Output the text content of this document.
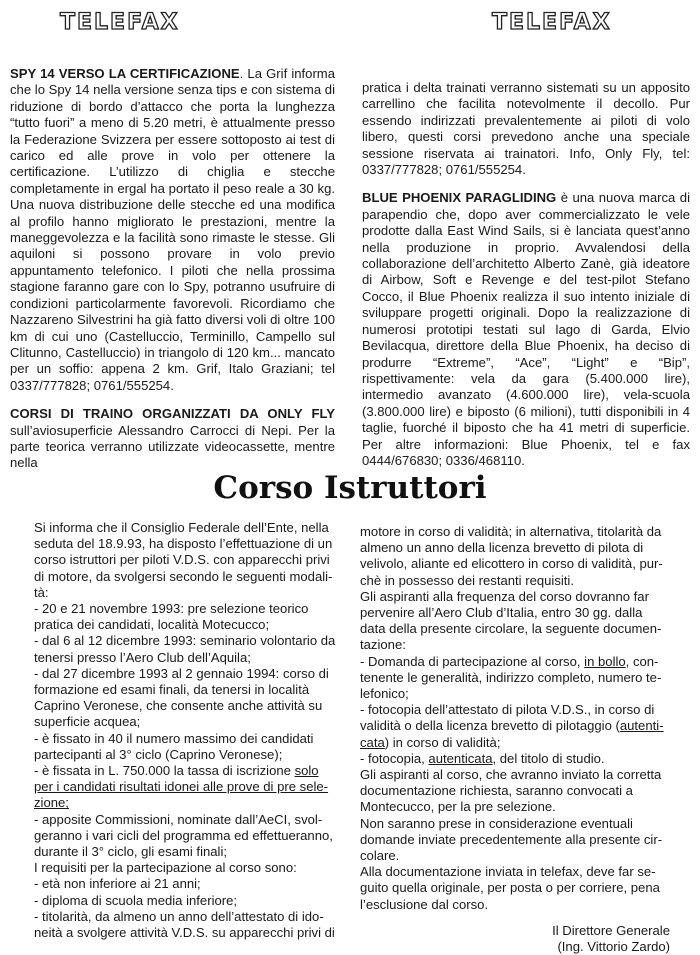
TELEFAX	TELEFAX

SPY 14 VERSO LA CERTIFICAZIONE. La Grif informa che lo Spy 14 nella versione senza tips e con sistema di riduzione di bordo d’attacco che porta la lunghezza “tutto fuori” a meno di 5.20 metri, è attualmente presso la Federazione Svizzera per essere sottoposto ai test di carico ed alle prove in volo per ottenere la certificazione. L’utilizzo di chiglia e stecche completamente in ergal ha portato il peso reale a 30 kg. Una nuova distribuzione delle stecche ed una modifica al profilo hanno migliorato le prestazioni, mentre la maneggevolezza e la facilità sono rimaste le stesse. Gli aquiloni si possono provare in volo previo appuntamento telefonico. I piloti che nella prossima stagione faranno gare con lo Spy, potranno usufruire di condizioni particolarmente favorevoli. Ricordiamo che Nazzareno Silvestrini ha già fatto diversi voli di oltre 100 km di cui uno (Castelluccio, Terminillo, Campello sul Clitunno, Castelluccio) in triangolo di 120 km... mancato per un soffio: appena 2 km. Grif, Italo Graziani; tel 0337/777828; 0761/555254.

CORSI DI TRAINO ORGANIZZATI DA ONLY FLY sull’aviosuperficie Alessandro Carrocci di Nepi. Per la parte teorica verranno utilizzate videocassette, mentre nella

pratica i delta trainati verranno sistemati su un apposito carrellino che facilita notevolmente il decollo. Pur essendo indirizzati prevalentemente ai piloti di volo libero, questi corsi prevedono anche una speciale sessione riservata ai trainatori. Info, Only Fly, tel: 0337/777828; 0761/555254.

BLUE PHOENIX PARAGLIDING è una nuova marca di parapendio che, dopo aver commercializzato le vele prodotte dalla East Wind Sails, si è lanciata quest’anno nella produzione in proprio. Avvalendosi della collaborazione dell’architetto Alberto Zanè, già ideatore di Airbow, Soft e Revenge e del test-pilot Stefano Cocco, il Blue Phoenix realizza il suo intento iniziale di sviluppare progetti originali. Dopo la realizzazione di numerosi prototipi testati sul lago di Garda, Elvio Bevilacqua, direttore della Blue Phoenix, ha deciso di produrre “Extreme”, “Ace”, “Light” e “Bip”, rispettivamente: vela da gara (5.400.000 lire), intermedio avanzato (4.600.000 lire), vela-scuola (3.800.000 lire) e biposto (6 milioni), tutti disponibili in 4 taglie, fuorché il biposto che ha 41 metri di superficie. Per altre informazioni: Blue Phoenix, tel e fax 0444/676830; 0336/468110.

Corso Istruttori
Si informa che il Consiglio Federale dell’Ente, nella
seduta del 18.9.93, ha disposto l’effettuazione di un
corso istruttori per piloti V.D.S. con apparecchi privi
di motore, da svolgersi secondo le seguenti modali-
tà:
- 20 e 21 novembre 1993: pre selezione teorico
pratica dei candidati, località Motecucco;
- dal 6 al 12 dicembre 1993: seminario volontario da
tenersi presso l’Aero Club dell’Aquila;
- dal 27 dicembre 1993 al 2 gennaio 1994: corso di
formazione ed esami finali, da tenersi in località
Caprino Veronese, che consente anche attività su
superficie acquea;
- è fissato in 40 il numero massimo dei candidati
partecipanti al 3° ciclo (Caprino Veronese);
- è fissata in L. 750.000 la tassa di iscrizione solo
per i candidati risultati idonei alle prove di pre sele-
zione;
- apposite Commissioni, nominate dall’AeCI, svol-
geranno i vari cicli del programma ed effettueranno,
durante il 3° ciclo, gli esami finali;
I requisiti per la partecipazione al corso sono:
- età non inferiore ai 21 anni;
- diploma di scuola media inferiore;
- titolarità, da almeno un anno dell’attestato di ido-
neità a svolgere attività V.D.S. su apparecchi privi di
motore in corso di validità; in alternativa, titolarità da
almeno un anno della licenza brevetto di pilota di
velivolo, aliante ed elicottero in corso di validità, pur-
chè in possesso dei restanti requisiti.
Gli aspiranti alla frequenza del corso dovranno far
pervenire all’Aero Club d’Italia, entro 30 gg. dalla
data della presente circolare, la seguente documen-
tazione:
- Domanda di partecipazione al corso, in bollo, con-
tenente le generalità, indirizzo completo, numero te-
lefonico;
- fotocopia dell’attestato di pilota V.D.S., in corso di
validità o della licenza brevetto di pilotaggio (autenti-
cata) in corso di validità;
- fotocopia, autenticata, del titolo di studio.
Gli aspiranti al corso, che avranno inviato la corretta
documentazione richiesta, saranno convocati a
Montecucco, per la pre selezione.
Non saranno prese in considerazione eventuali
domande inviate precedentemente alla presente cir-
colare.
Alla documentazione inviata in telefax, deve far se-
guito quella originale, per posta o per corriere, pena
l’esclusione dal corso.
Il Direttore Generale
(Ing. Vittorio Zardo)
